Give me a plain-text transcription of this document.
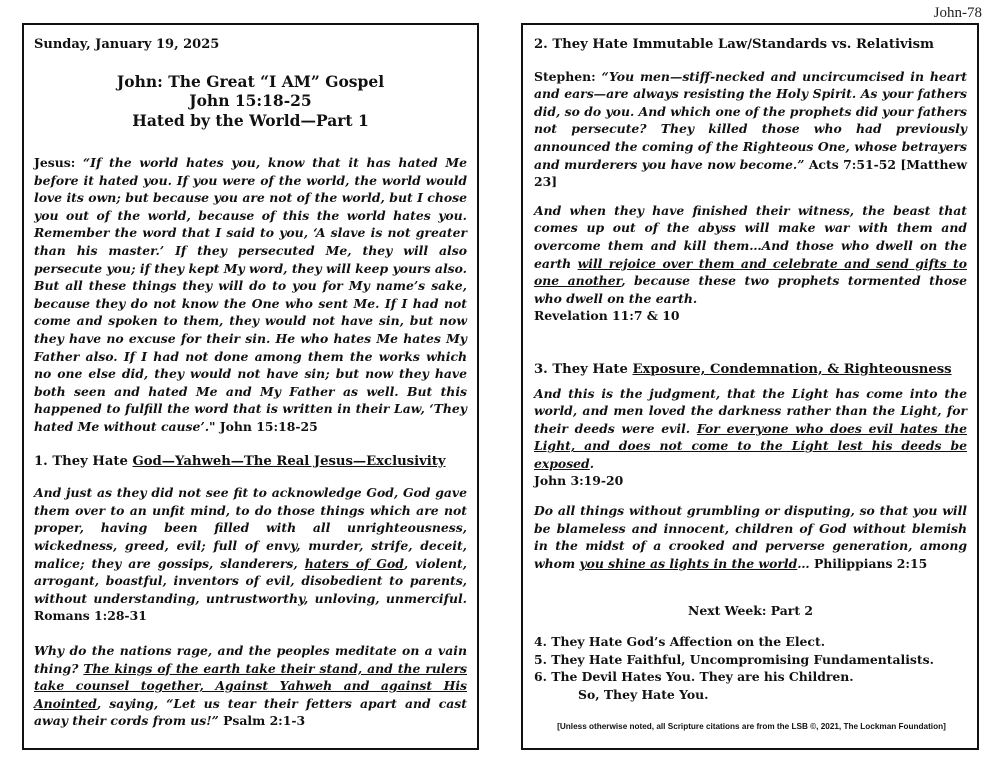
John-78

Sunday, January 19, 2025

John: The Great “I AM” Gospel

John 15:18-25

Hated by the World—Part 1

Jesus: “If the world hates you, know that it has hated Me before it hated you. If you were of the world, the world would love its own; but because you are not of the world, but I chose you out of the world, because of this the world hates you. Remember the word that I said to you, ‘A slave is not greater than his master.’ If they persecuted Me, they will also persecute you; if they kept My word, they will keep yours also. But all these things they will do to you for My name’s sake, because they do not know the One who sent Me. If I had not come and spoken to them, they would not have sin, but now they have no excuse for their sin. He who hates Me hates My Father also. If I had not done among them the works which no one else did, they would not have sin; but now they have both seen and hated Me and My Father as well. But this happened to fulfill the word that is written in their Law, ‘They hated Me without cause’." John 15:18-25

1. They Hate God—Yahweh—The Real Jesus—Exclusivity

And just as they did not see fit to acknowledge God, God gave them over to an unfit mind, to do those things which are not proper, having been filled with all unrighteousness, wickedness, greed, evil; full of envy, murder, strife, deceit, malice; they are gossips, slanderers, haters of God, violent, arrogant, boastful, inventors of evil, disobedient to parents, without understanding, untrustworthy, unloving, unmerciful. Romans 1:28-31

Why do the nations rage, and the peoples meditate on a vain thing? The kings of the earth take their stand, and the rulers take counsel together, Against Yahweh and against His Anointed, saying, “Let us tear their fetters apart and cast away their cords from us!” Psalm 2:1-3

2. They Hate Immutable Law/Standards vs. Relativism

Stephen: “You men—stiff-necked and uncircumcised in heart and ears—are always resisting the Holy Spirit. As your fathers did, so do you. And which one of the prophets did your fathers not persecute? They killed those who had previously announced the coming of the Righteous One, whose betrayers and murderers you have now become.” Acts 7:51-52 [Matthew 23]

And when they have finished their witness, the beast that comes up out of the abyss will make war with them and overcome them and kill them…And those who dwell on the earth will rejoice over them and celebrate and send gifts to one another, because these two prophets tormented those who dwell on the earth.
Revelation 11:7 & 10

3. They Hate Exposure, Condemnation, & Righteousness

And this is the judgment, that the Light has come into the world, and men loved the darkness rather than the Light, for their deeds were evil. For everyone who does evil hates the Light, and does not come to the Light lest his deeds be exposed.
John 3:19-20

Do all things without grumbling or disputing, so that you will be blameless and innocent, children of God without blemish in the midst of a crooked and perverse generation, among whom you shine as lights in the world… Philippians 2:15

Next Week: Part 2

4. They Hate God’s Affection on the Elect.

5. They Hate Faithful, Uncompromising Fundamentalists.

6. The Devil Hates You. They are his Children.

So, They Hate You.

[Unless otherwise noted, all Scripture citations are from the LSB ©, 2021, The Lockman Foundation]
